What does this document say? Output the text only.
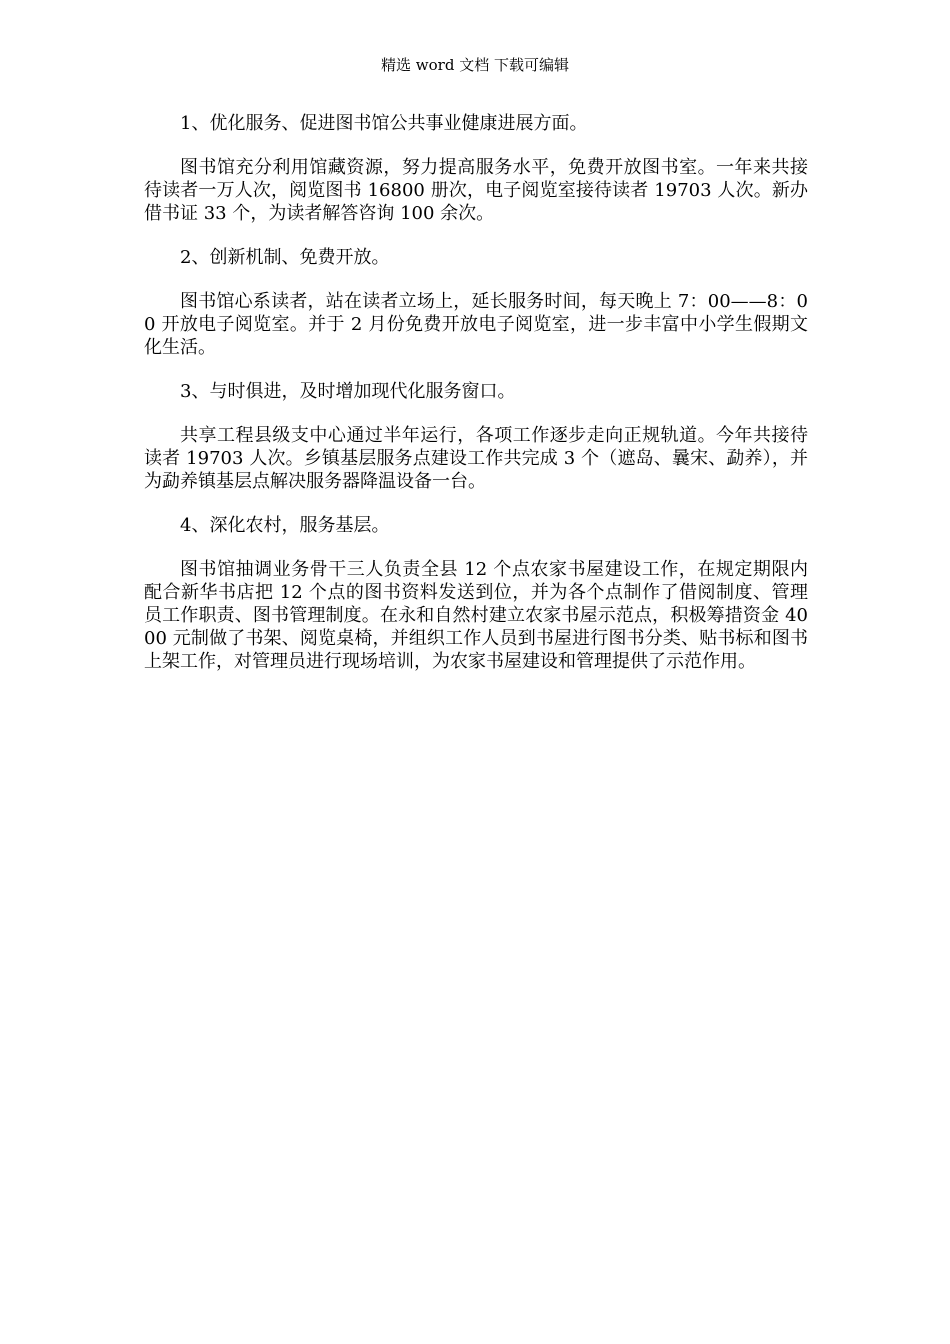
精选 word 文档 下载可编辑

1、优化服务、促进图书馆公共事业健康进展方面。

图书馆充分利用馆藏资源，努力提高服务水平，免费开放图书室。一年来共接待读者一万人次，阅览图书 16800 册次，电子阅览室接待读者 19703 人次。新办借书证 33 个，为读者解答咨询 100 余次。

2、创新机制、免费开放。

图书馆心系读者，站在读者立场上，延长服务时间，每天晚上 7：00——8：00 开放电子阅览室。并于 2 月份免费开放电子阅览室，进一步丰富中小学生假期文化生活。

3、与时俱进，及时增加现代化服务窗口。

共享工程县级支中心通过半年运行，各项工作逐步走向正规轨道。今年共接待读者 19703 人次。乡镇基层服务点建设工作共完成 3 个（遮岛、曩宋、勐养），并为勐养镇基层点解决服务器降温设备一台。

4、深化农村，服务基层。

图书馆抽调业务骨干三人负责全县 12 个点农家书屋建设工作，在规定期限内配合新华书店把 12 个点的图书资料发送到位，并为各个点制作了借阅制度、管理员工作职责、图书管理制度。在永和自然村建立农家书屋示范点，积极筹措资金 4000 元制做了书架、阅览桌椅，并组织工作人员到书屋进行图书分类、贴书标和图书上架工作，对管理员进行现场培训，为农家书屋建设和管理提供了示范作用。
